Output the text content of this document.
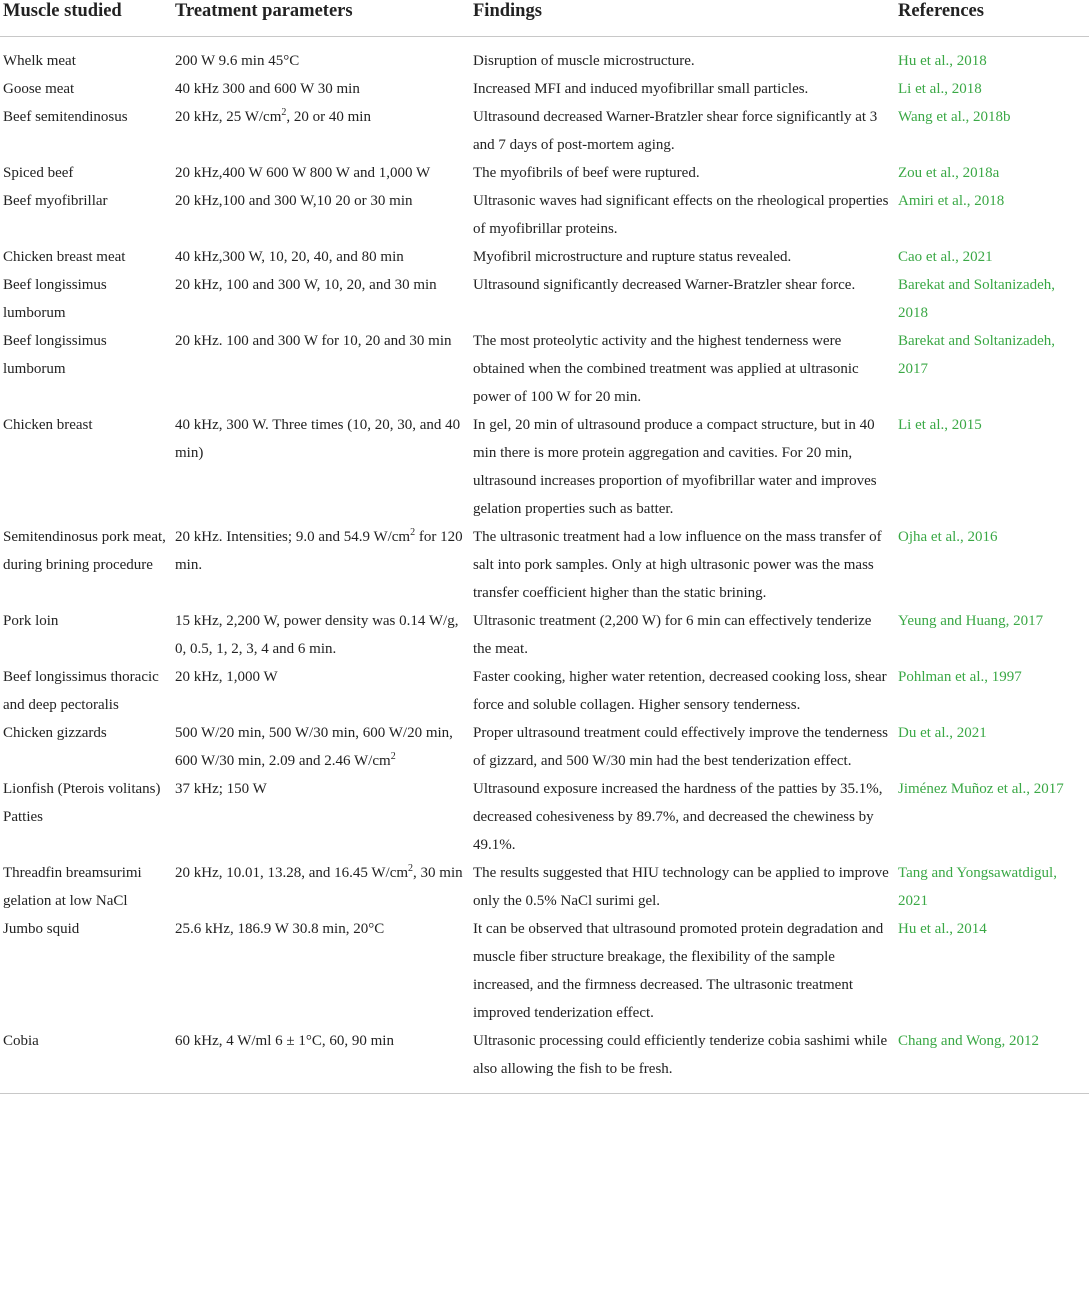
Muscle studied	Treatment parameters	Findings	References
Whelk meat	200 W 9.6 min 45°C	Disruption of muscle microstructure.	Hu et al., 2018
Goose meat	40 kHz 300 and 600 W 30 min	Increased MFI and induced myofibrillar small particles.	Li et al., 2018
Beef semitendinosus	20 kHz, 25 $W/cm^2$, 20 or 40 min	Ultrasound decreased Warner-Bratzler shear force significantly at 3 and 7 days of post-mortem aging.	Wang et al., 2018b
Spiced beef	20 kHz,400 W 600 W 800 W and 1,000 W	The myofibrils of beef were ruptured.	Zou et al., 2018a
Beef myofibrillar	20 kHz,100 and 300 W,10 20 or 30 min	Ultrasonic waves had significant effects on the rheological properties of myofibrillar proteins.	Amiri et al., 2018
Chicken breast meat	40 kHz,300 W, 10, 20, 40, and 80 min	Myofibril microstructure and rupture status revealed.	Cao et al., 2021
Beef longissimus lumborum	20 kHz, 100 and 300 W, 10, 20, and 30 min	Ultrasound significantly decreased Warner-Bratzler shear force.	Barekat and Soltanizadeh, 2018
Beef longissimus lumborum	20 kHz. 100 and 300 W for 10, 20 and 30 min	The most proteolytic activity and the highest tenderness were obtained when the combined treatment was applied at ultrasonic power of 100 W for 20 min.	Barekat and Soltanizadeh, 2017
Chicken breast	40 kHz, 300 W. Three times (10, 20, 30, and 40 min)	In gel, 20 min of ultrasound produce a compact structure, but in 40 min there is more protein aggregation and cavities. For 20 min, ultrasound increases proportion of myofibrillar water and improves gelation properties such as batter.	Li et al., 2015
Semitendinosus pork meat, during brining procedure	20 kHz. Intensities; 9.0 and 54.9 $W/cm^2$ for 120 min.	The ultrasonic treatment had a low influence on the mass transfer of salt into pork samples. Only at high ultrasonic power was the mass transfer coefficient higher than the static brining.	Ojha et al., 2016
Pork loin	15 kHz, 2,200 W, power density was 0.14 W/g, 0, 0.5, 1, 2, 3, 4 and 6 min.	Ultrasonic treatment (2,200 W) for 6 min can effectively tenderize the meat.	Yeung and Huang, 2017
Beef longissimus thoracic and deep pectoralis	20 kHz, 1,000 W	Faster cooking, higher water retention, decreased cooking loss, shear force and soluble collagen. Higher sensory tenderness.	Pohlman et al., 1997
Chicken gizzards	500 W/20 min, 500 W/30 min, 600 W/20 min, 600 W/30 min, 2.09 and 2.46 $W/cm^2$	Proper ultrasound treatment could effectively improve the tenderness of gizzard, and 500 W/30 min had the best tenderization effect.	Du et al., 2021
Lionfish (Pterois volitans) Patties	37 kHz; 150 W	Ultrasound exposure increased the hardness of the patties by 35.1%, decreased cohesiveness by 89.7%, and decreased the chewiness by 49.1%.	Jiménez Muñoz et al., 2017
Threadfin breamsurimi gelation at low NaCl	20 kHz, 10.01, 13.28, and 16.45 $W/cm^2$, 30 min	The results suggested that HIU technology can be applied to improve only the 0.5% NaCl surimi gel.	Tang and Yongsawatdigul, 2021
Jumbo squid	25.6 kHz, 186.9 W 30.8 min, 20°C	It can be observed that ultrasound promoted protein degradation and muscle fiber structure breakage, the flexibility of the sample increased, and the firmness decreased. The ultrasonic treatment improved tenderization effect.	Hu et al., 2014
Cobia	60 kHz, 4 W/ml 6 ± 1°C, 60, 90 min	Ultrasonic processing could efficiently tenderize cobia sashimi while also allowing the fish to be fresh.	Chang and Wong, 2012
